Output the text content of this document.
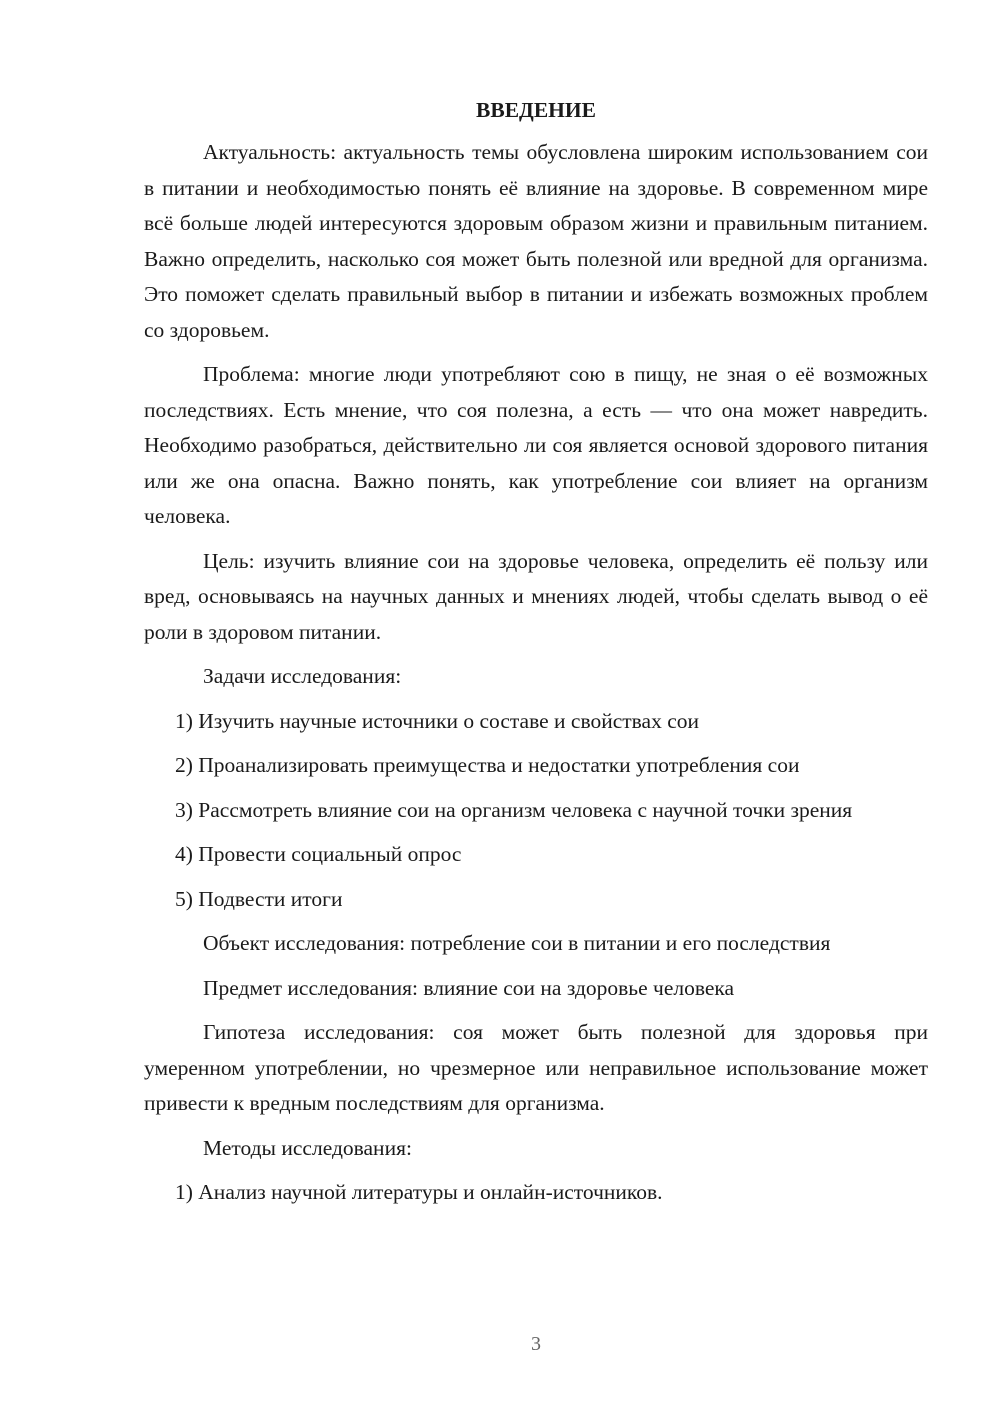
ВВЕДЕНИЕ

Актуальность: актуальность темы обусловлена широким использованием сои в питании и необходимостью понять её влияние на здоровье. В современном мире всё больше людей интересуются здоровым образом жизни и правильным питанием. Важно определить, насколько соя может быть полезной или вредной для организма. Это поможет сделать правильный выбор в питании и избежать возможных проблем со здоровьем.

Проблема: многие люди употребляют сою в пищу, не зная о её возможных последствиях. Есть мнение, что соя полезна, а есть — что она может навредить. Необходимо разобраться, действительно ли соя является основой здорового питания или же она опасна. Важно понять, как употребление сои влияет на организм человека.

Цель: изучить влияние сои на здоровье человека, определить её пользу или вред, основываясь на научных данных и мнениях людей, чтобы сделать вывод о её роли в здоровом питании.

Задачи исследования:

1) Изучить научные источники о составе и свойствах сои

2) Проанализировать преимущества и недостатки употребления сои

3) Рассмотреть влияние сои на организм человека с научной точки зрения

4) Провести социальный опрос

5) Подвести итоги

Объект исследования: потребление сои в питании и его последствия

Предмет исследования: влияние сои на здоровье человека

Гипотеза исследования: соя может быть полезной для здоровья при умеренном употреблении, но чрезмерное или неправильное использование может привести к вредным последствиям для организма.

Методы исследования:

1) Анализ научной литературы и онлайн-источников.

3
